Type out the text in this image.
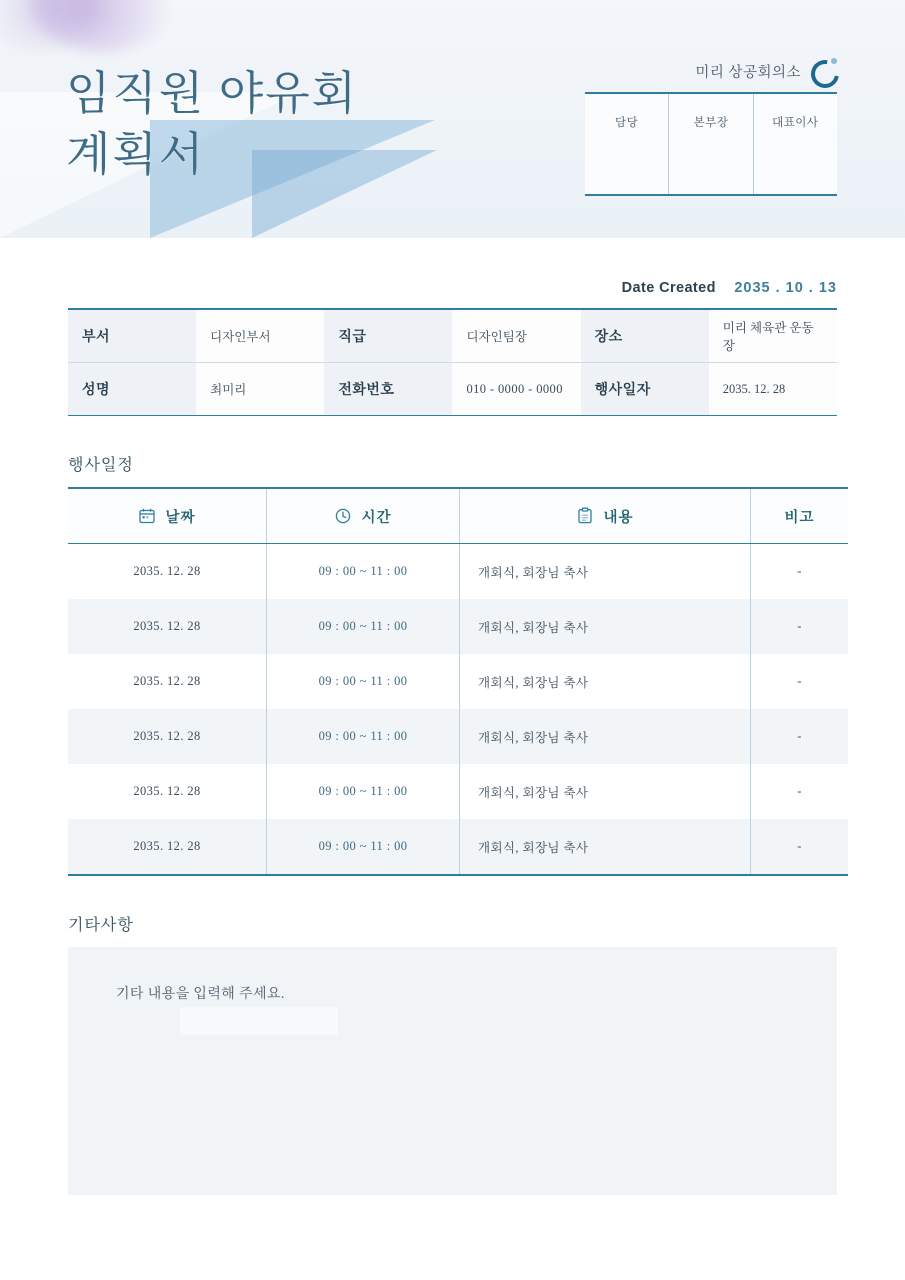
임직원 야유회
계획서
미리 상공회의소
담당	본부장	대표이사
Date Created 2035 . 10 . 13
부서	디자인부서	직급	디자인팀장	장소	미리 체육관 운동장
성명	최미리	전화번호	010 - 0000 - 0000	행사일자	2035. 12. 28
행사일정
날짜	시간	내용	비고

2035. 12. 28	09 : 00 ~ 11 : 00	개회식, 회장님 축사	-
2035. 12. 28	09 : 00 ~ 11 : 00	개회식, 회장님 축사	-
2035. 12. 28	09 : 00 ~ 11 : 00	개회식, 회장님 축사	-
2035. 12. 28	09 : 00 ~ 11 : 00	개회식, 회장님 축사	-
2035. 12. 28	09 : 00 ~ 11 : 00	개회식, 회장님 축사	-
2035. 12. 28	09 : 00 ~ 11 : 00	개회식, 회장님 축사	-
기타사항
기타 내용을 입력해 주세요.
